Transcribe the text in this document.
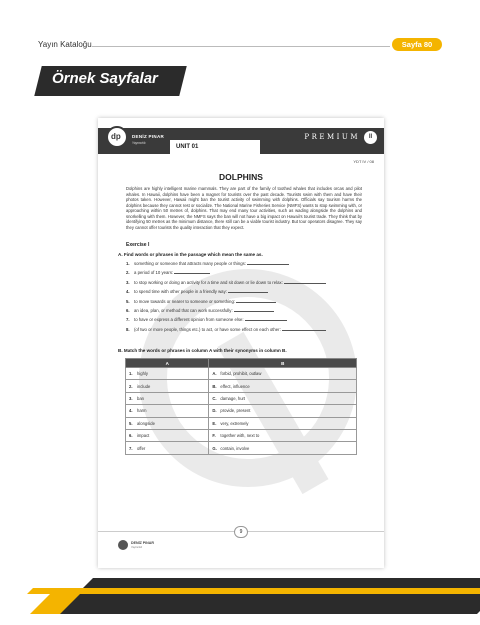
Yayın Kataloğu	Sayfa 80
Örnek Sayfalar
dp DENİZ PINAR
Yayıncılık
PREMIUM	II
UNIT 01
YDT IV / 08
DOLPHINS

Dolphins are highly intelligent marine mammals. They are part of the family of toothed whales that includes orcas and pilot whales. In Hawaii, dolphins have been a magnet for tourists over the past decade. Tourists swim with them and have their photos taken. However, Hawaii might ban the tourist activity of swimming with dolphins. Officials say tourism harms the dolphins because they cannot rest or socialize. The National Marine Fisheries Service (NMFS) wants to stop swimming with, or approaching within 50 metres of, dolphins. That may end many tour activities, such as wading alongside the dolphins and snorkelling with them. However, the NMFS says the ban will not have a big impact on Hawaii's tourist trade. They think that by identifying 50 metres as the minimum distance, there still can be a viable tourist industry. But tour operators disagree. They say they cannot offer tourists the quality interaction that they expect.

Exercise I
A. Find words or phrases in the passage which mean the same as.
1. something or someone that attracts many people or things:
2. a period of 10 years:
3. to stop working or doing an activity for a time and sit down or lie down to relax:
4. to spend time with other people in a friendly way:
5. to move towards or nearer to someone or something:
6. an idea, plan, or method that can work successfully:
7. to have or express a different opinion from someone else:
8. (of two or more people, things etc.) to act, or have some effect on each other:
B. Match the words or phrases in column A with their synonyms in column B.
A	B
1. highly	A. forbid, prohibit, outlaw
2. include	B. effect, influence
3. ban	C. damage, hurt
4. harm	D. provide, present
5. alongside	E. very, extremely
6. impact	F. together with, next to
7. offer	G. contain, involve
9
DENİZ PINAR
Yayıncılık
